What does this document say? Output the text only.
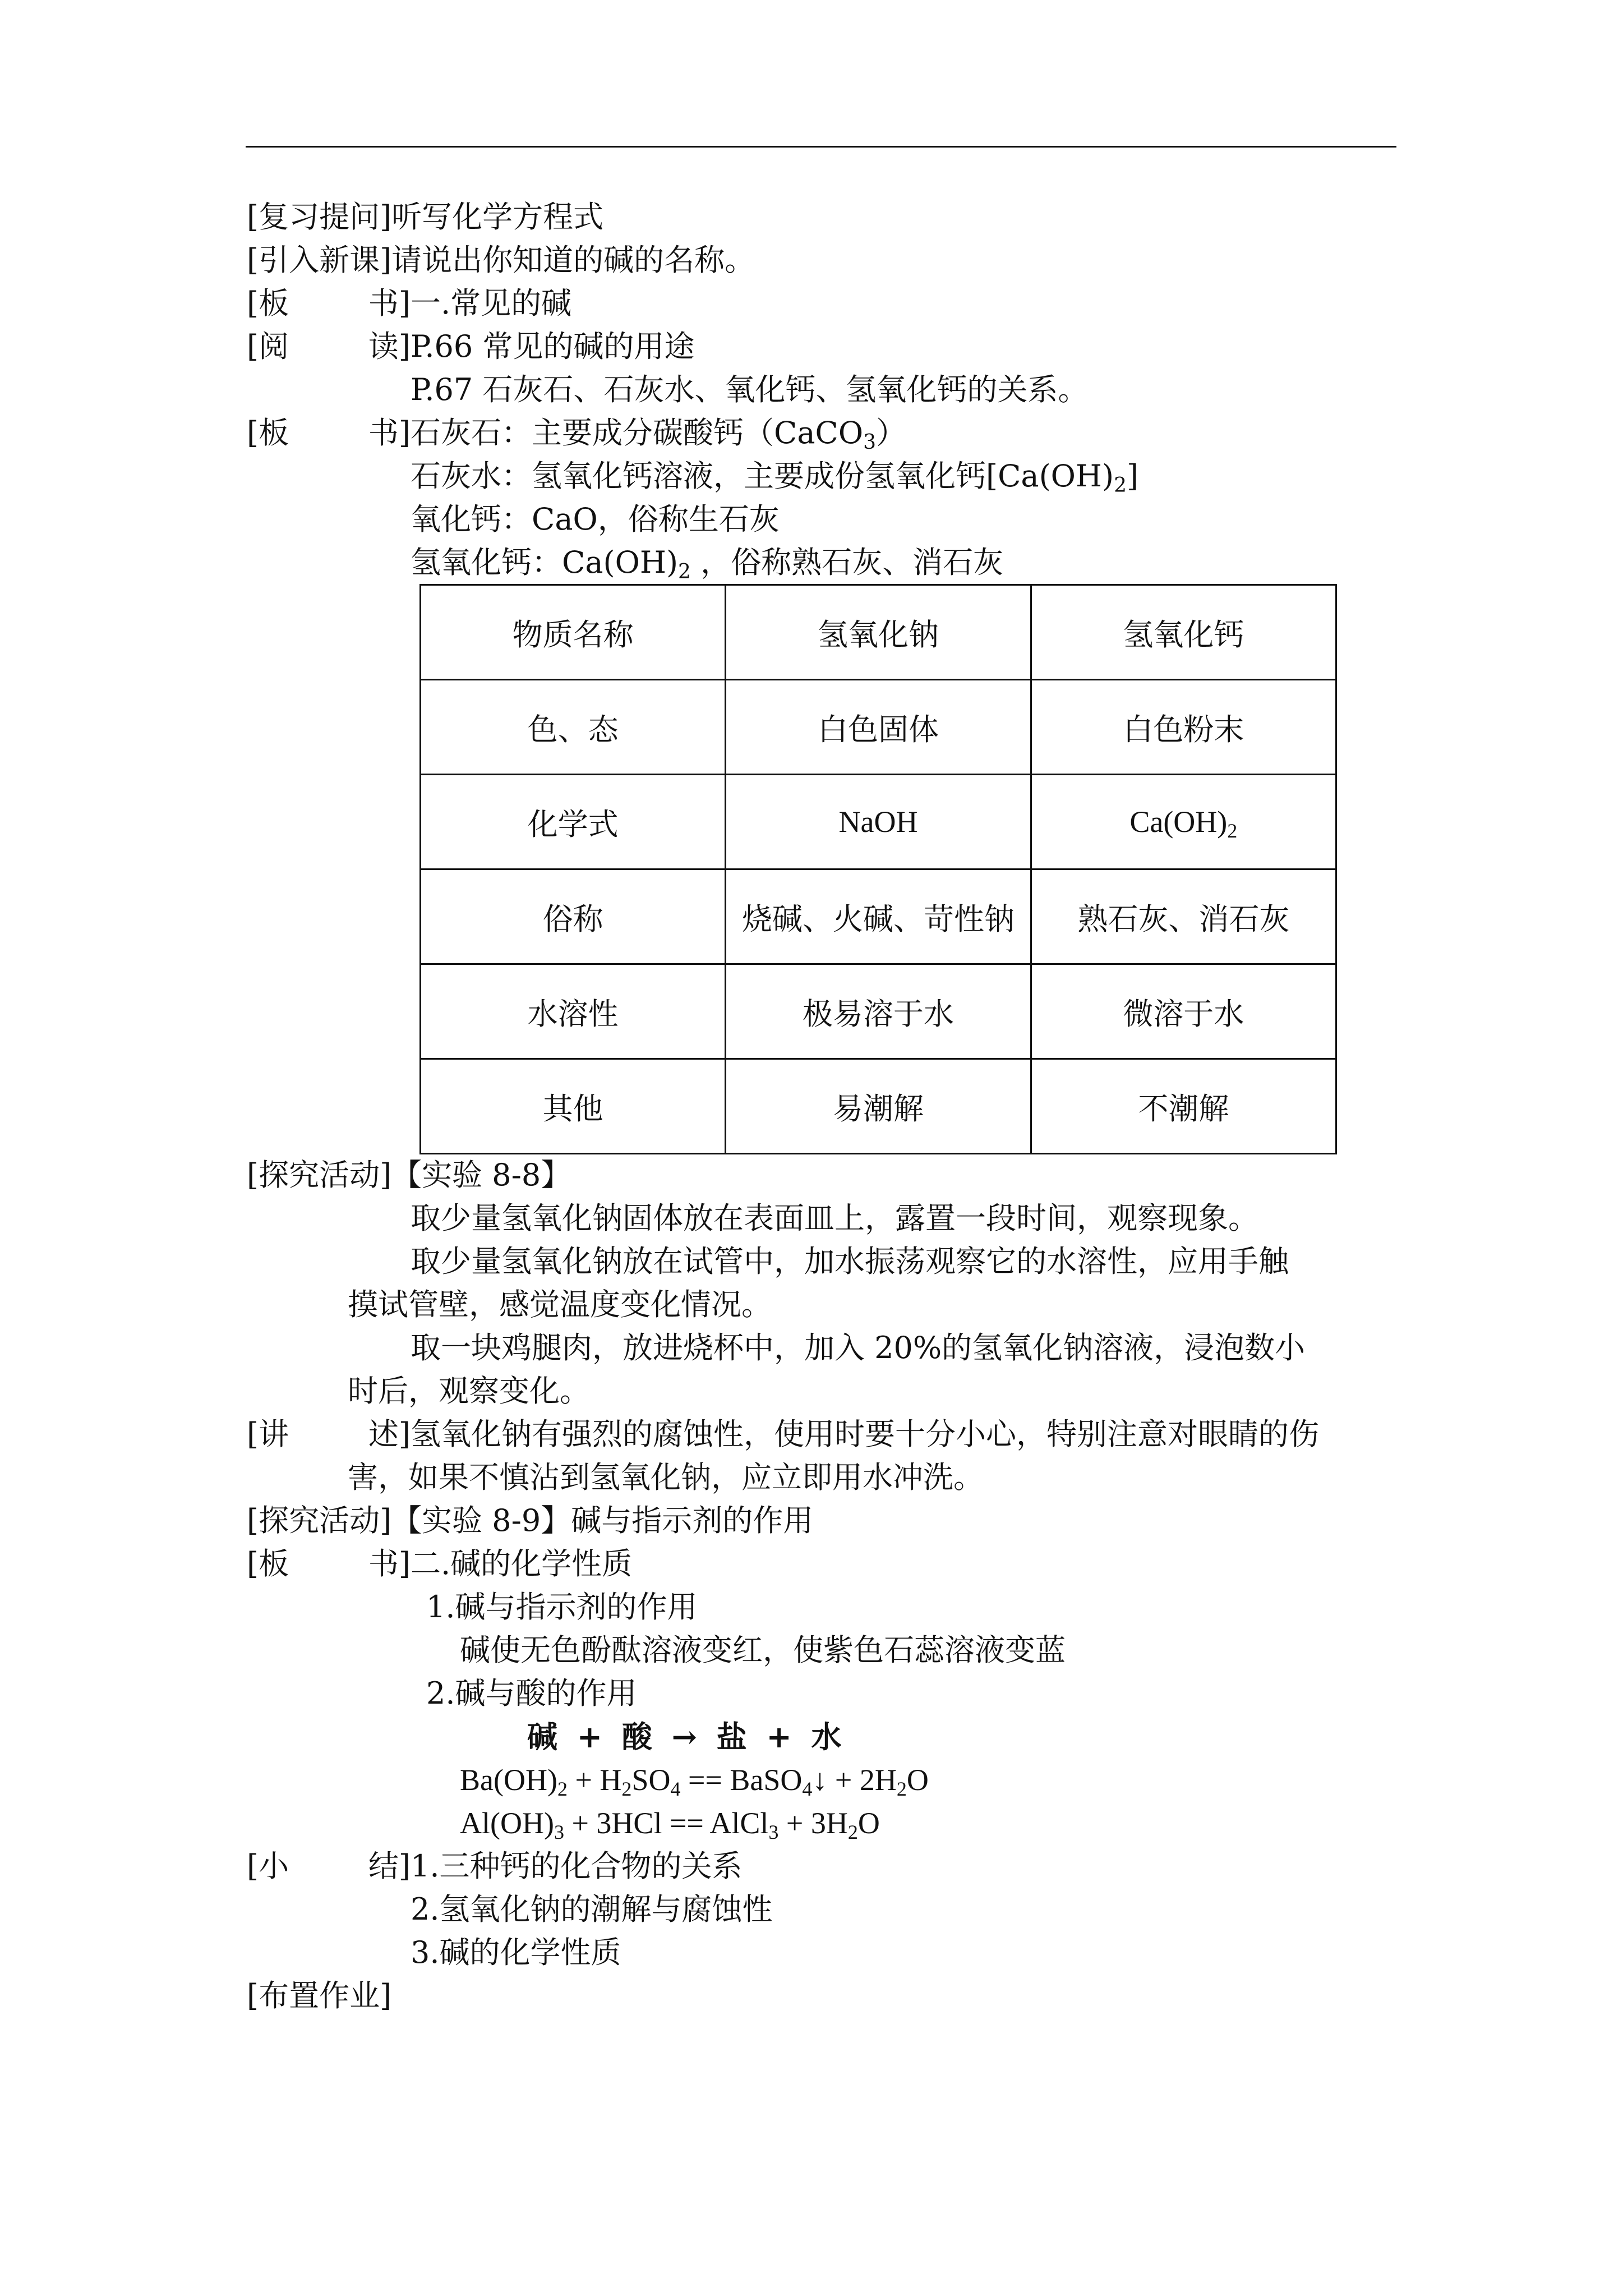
[复习提问]听写化学方程式
[引入新课]请说出你知道的碱的名称。
[板	书] 一.常见的碱
[阅	读] P.66 常见的碱的用途
P.67 石灰石、石灰水、氧化钙、氢氧化钙的关系。
[板	书] 石灰石：主要成分碳酸钙（CaCO$_3$）
石灰水：氢氧化钙溶液，主要成份氢氧化钙$[Ca(OH)_2]$
氧化钙：CaO，俗称生石灰
氢氧化钙：$Ca(OH)_2$ ，俗称熟石灰、消石灰
物质名称	氢氧化钠	氢氧化钙
色、态	白色固体	白色粉末
化学式	NaOH	$Ca(OH)_2$
俗称	烧碱、火碱、苛性钠	熟石灰、消石灰
水溶性	极易溶于水	微溶于水
其他	易潮解	不潮解
[探究活动]【实验 8-8】
取少量氢氧化钠固体放在表面皿上，露置一段时间，观察现象。
取少量氢氧化钠放在试管中，加水振荡观察它的水溶性，应用手触
摸试管壁，感觉温度变化情况。
取一块鸡腿肉，放进烧杯中，加入 20%的氢氧化钠溶液，浸泡数小
时后，观察变化。
[讲	述] 氢氧化钠有强烈的腐蚀性，使用时要十分小心，特别注意对眼睛的伤
害，如果不慎沾到氢氧化钠，应立即用水冲洗。
[探究活动]【实验 8-9】碱与指示剂的作用
[板	书] 二.碱的化学性质
1.碱与指示剂的作用
碱使无色酚酞溶液变红，使紫色石蕊溶液变蓝
2.碱与酸的作用
碱 + 酸 → 盐 + 水
$Ba(OH)_2 + H_2SO_4$ == BaSO$_4$↓ + $2H_2O$
$Al(OH)_3 + 3HCl$ == AlCl$_3$ + $3H_2O$
[小	结] 1.三种钙的化合物的关系
2.氢氧化钠的潮解与腐蚀性
3.碱的化学性质
[布置作业]
